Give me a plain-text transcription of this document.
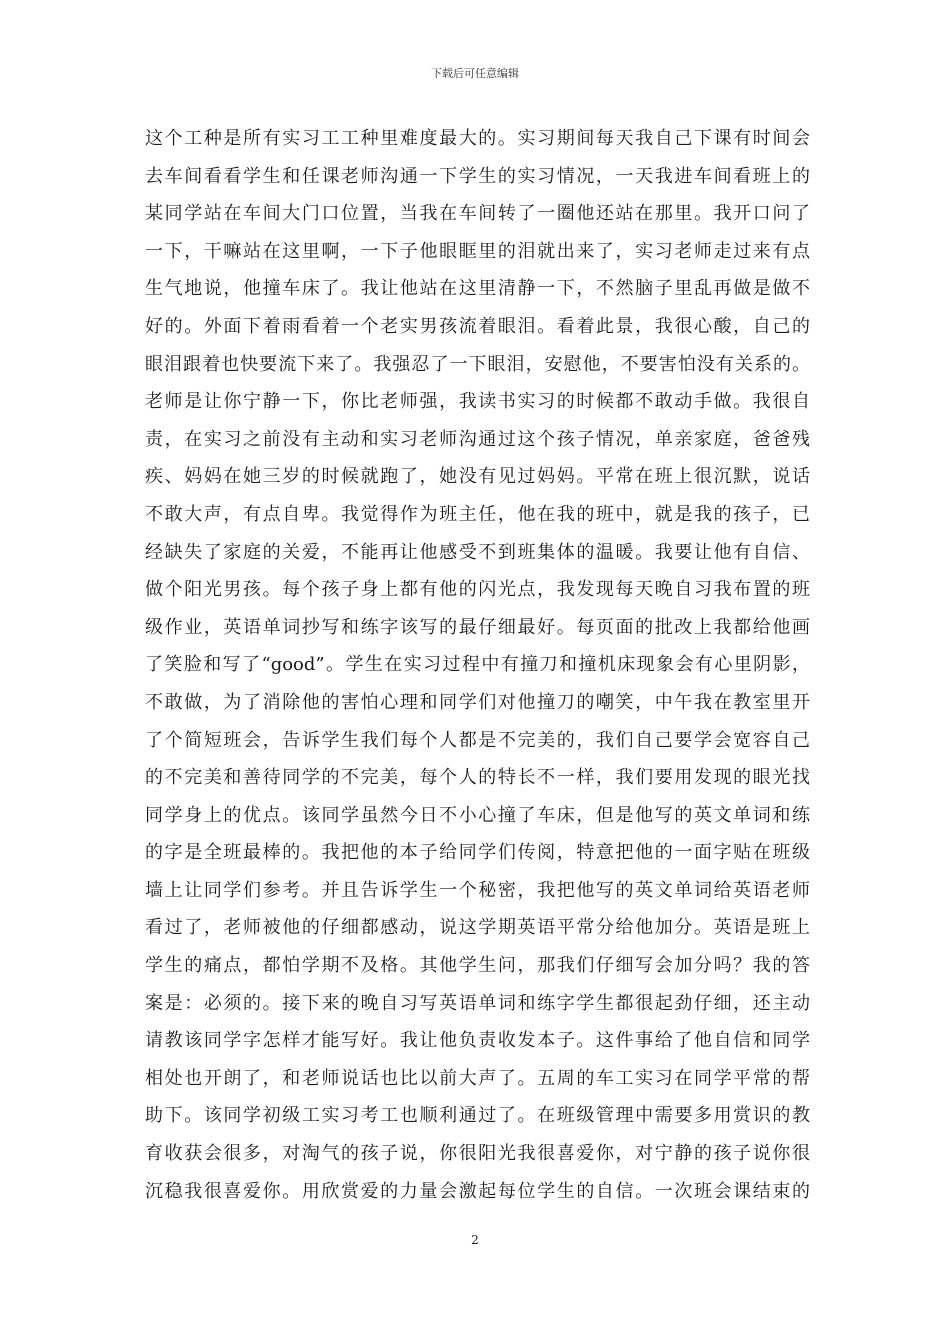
下载后可任意编辑
这个工种是所有实习工工种里难度最大的。实习期间每天我自己下课有时间会
去车间看看学生和任课老师沟通一下学生的实习情况，一天我进车间看班上的
某同学站在车间大门口位置，当我在车间转了一圈他还站在那里。我开口问了
一下，干嘛站在这里啊，一下子他眼眶里的泪就出来了，实习老师走过来有点
生气地说，他撞车床了。我让他站在这里清静一下，不然脑子里乱再做是做不
好的。外面下着雨看着一个老实男孩流着眼泪。看着此景，我很心酸，自己的
眼泪跟着也快要流下来了。我强忍了一下眼泪，安慰他，不要害怕没有关系的。
老师是让你宁静一下，你比老师强，我读书实习的时候都不敢动手做。我很自
责，在实习之前没有主动和实习老师沟通过这个孩子情况，单亲家庭，爸爸残
疾、妈妈在她三岁的时候就跑了，她没有见过妈妈。平常在班上很沉默，说话
不敢大声，有点自卑。我觉得作为班主任，他在我的班中，就是我的孩子，已
经缺失了家庭的关爱，不能再让他感受不到班集体的温暖。我要让他有自信、
做个阳光男孩。每个孩子身上都有他的闪光点，我发现每天晚自习我布置的班
级作业，英语单词抄写和练字该写的最仔细最好。每页面的批改上我都给他画
了笑脸和写了“good”。学生在实习过程中有撞刀和撞机床现象会有心里阴影，
不敢做，为了消除他的害怕心理和同学们对他撞刀的嘲笑，中午我在教室里开
了个简短班会，告诉学生我们每个人都是不完美的，我们自己要学会宽容自己
的不完美和善待同学的不完美，每个人的特长不一样，我们要用发现的眼光找
同学身上的优点。该同学虽然今日不小心撞了车床，但是他写的英文单词和练
的字是全班最棒的。我把他的本子给同学们传阅，特意把他的一面字贴在班级
墙上让同学们参考。并且告诉学生一个秘密，我把他写的英文单词给英语老师
看过了，老师被他的仔细都感动，说这学期英语平常分给他加分。英语是班上
学生的痛点，都怕学期不及格。其他学生问，那我们仔细写会加分吗？我的答
案是：必须的。接下来的晚自习写英语单词和练字学生都很起劲仔细，还主动
请教该同学字怎样才能写好。我让他负责收发本子。这件事给了他自信和同学
相处也开朗了，和老师说话也比以前大声了。五周的车工实习在同学平常的帮
助下。该同学初级工实习考工也顺利通过了。在班级管理中需要多用赏识的教
育收获会很多，对淘气的孩子说，你很阳光我很喜爱你，对宁静的孩子说你很
沉稳我很喜爱你。用欣赏爱的力量会激起每位学生的自信。一次班会课结束的
2
